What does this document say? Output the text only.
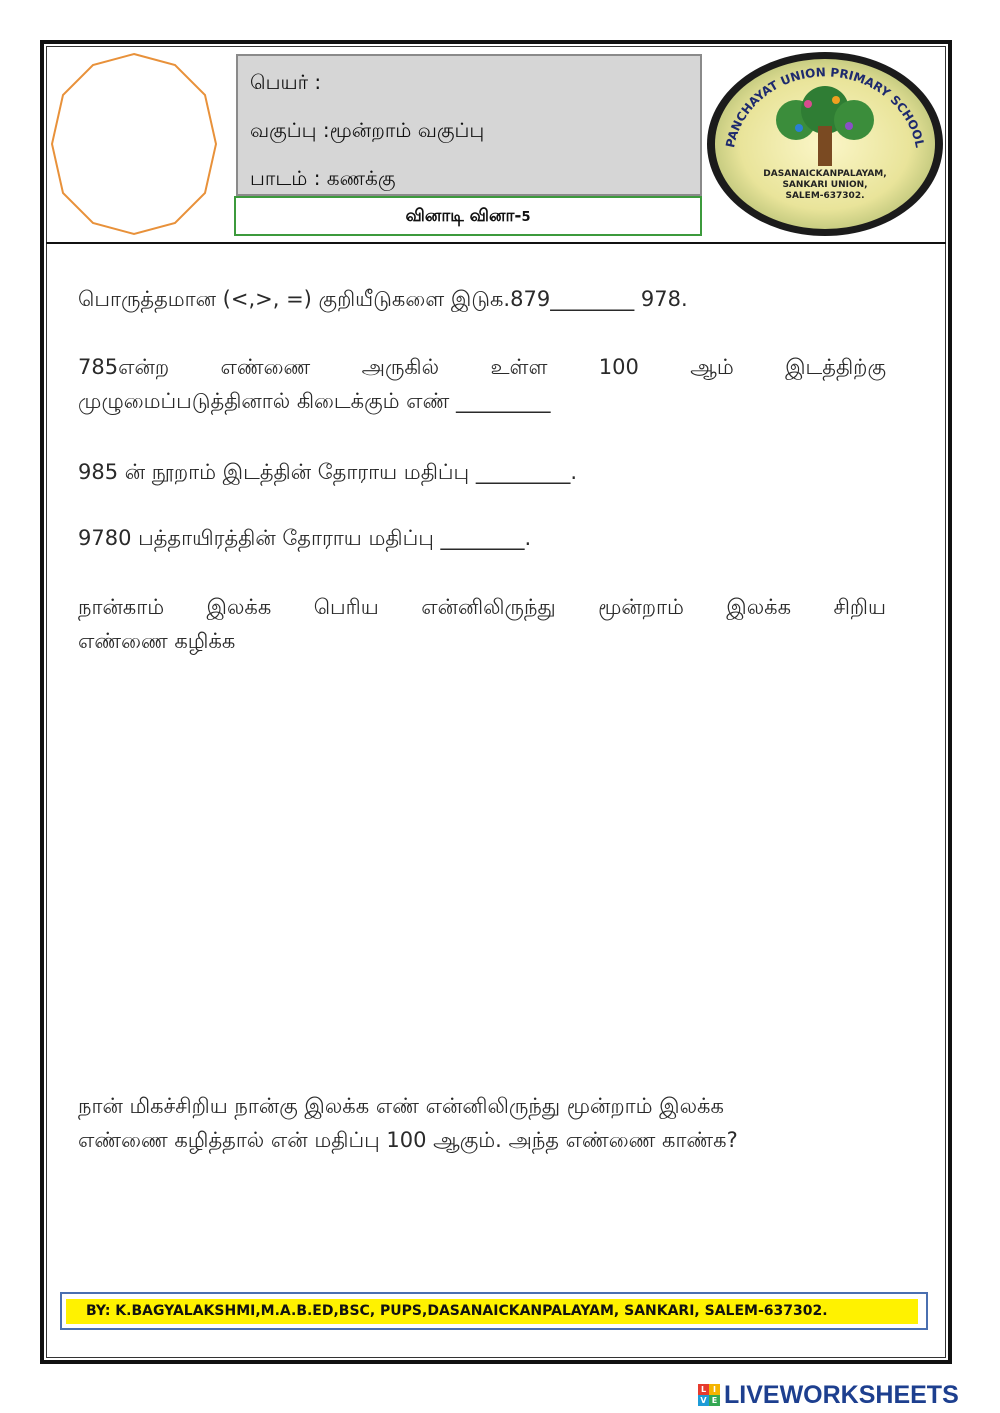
பெயர் :
வகுப்பு :மூன்றாம் வகுப்பு
பாடம் : கணக்கு
வினாடி வினா-5
PANCHAYAT UNION PRIMARY SCHOOL
DASANAICKANPALAYAM,
SANKARI UNION,
SALEM-637302.
பொருத்தமான (<,>, =) குறியீடுகளை இடுக.879________ 978.
785என்ற எண்ணை அருகில் உள்ள 100 ஆம் இடத்திற்கு
முழுமைப்படுத்தினால் கிடைக்கும் எண் _________
985 ன் நூறாம் இடத்தின் தோராய மதிப்பு _________.
9780 பத்தாயிரத்தின் தோராய மதிப்பு ________.
நான்காம் இலக்க பெரிய என்னிலிருந்து மூன்றாம் இலக்க சிறிய
எண்ணை கழிக்க
நான் மிகச்சிறிய நான்கு இலக்க எண் என்னிலிருந்து மூன்றாம் இலக்க
எண்ணை கழித்தால் என் மதிப்பு 100 ஆகும். அந்த எண்ணை காண்க?
BY: K.BAGYALAKSHMI,M.A.B.ED,BSC, PUPS,DASANAICKANPALAYAM, SANKARI, SALEM-637302.
L I
V E LIVEWORKSHEETS
